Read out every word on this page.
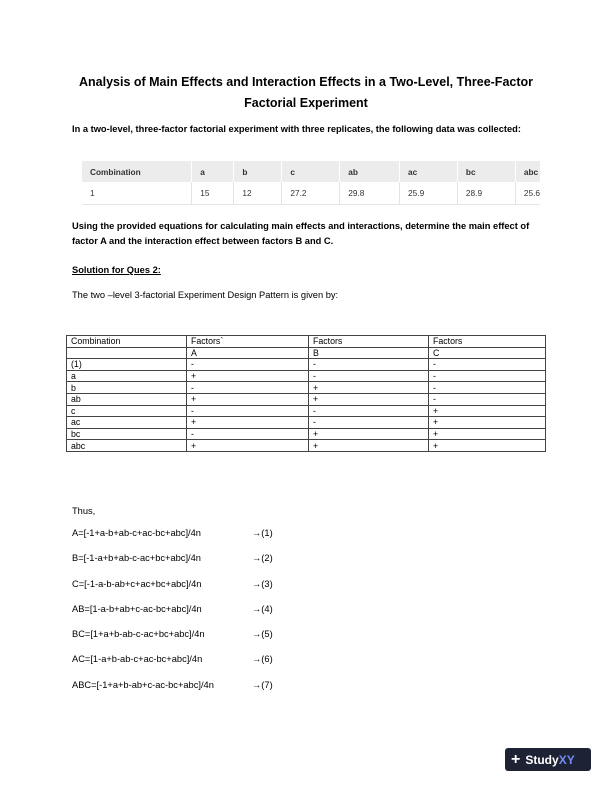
Analysis of Main Effects and Interaction Effects in a Two-Level, Three-Factor Factorial Experiment

In a two-level, three-factor factorial experiment with three replicates, the following data was collected:

Combination	a	b	c	ab	ac	bc	abc
1	15	12	27.2	29.8	25.9	28.9	25.6

Using the provided equations for calculating main effects and interactions, determine the main effect of factor A and the interaction effect between factors B and C.

Solution for Ques 2:

The two –level 3-factorial Experiment Design Pattern is given by:

Combination	Factors`	Factors	Factors
	A	B	C
(1)	-	-	-
a	+	-	-
b	-	+	-
ab	+	+	-
c	-	-	+
ac	+	-	+
bc	-	+	+
abc	+	+	+

Thus,

A=[-1+a-b+ab-c+ac-bc+abc]/4n	→(1)
B=[-1-a+b+ab-c-ac+bc+abc]/4n	→(2)
C=[-1-a-b-ab+c+ac+bc+abc]/4n	→(3)
AB=[1-a-b+ab+c-ac-bc+abc]/4n	→(4)
BC=[1+a+b-ab-c-ac+bc+abc]/4n	→(5)
AC=[1-a+b-ab-c+ac-bc+abc]/4n	→(6)
ABC=[-1+a+b-ab+c-ac-bc+abc]/4n	→(7)
+ StudyXY
